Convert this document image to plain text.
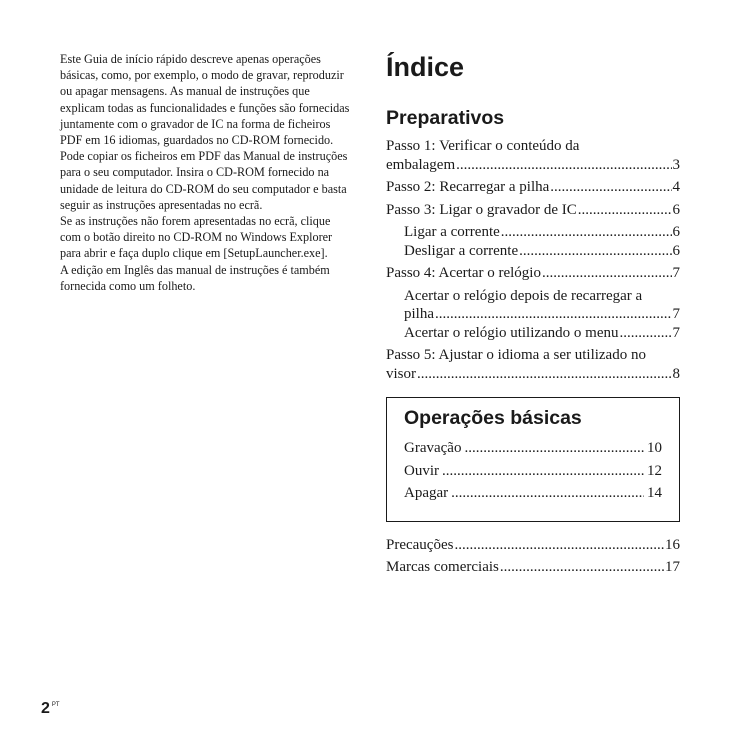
Este Guia de início rápido descreve apenas operações básicas, como, por exemplo, o modo de gravar, reproduzir ou apagar mensagens. As manual de instruções que explicam todas as funcionalidades e funções são fornecidas juntamente com o gravador de IC na forma de ficheiros PDF em 16 idiomas, guardados no CD-ROM fornecido.

Pode copiar os ficheiros em PDF das Manual de instruções para o seu computador. Insira o CD-ROM fornecido na unidade de leitura do CD-ROM do seu computador e basta seguir as instruções apresentadas no ecrã.

Se as instruções não forem apresentadas no ecrã, clique com o botão direito no CD-ROM no Windows Explorer para abrir e faça duplo clique em [SetupLauncher.exe].

A edição em Inglês das manual de instruções é também fornecida como um folheto.

Índice
Preparativos
Passo 1: Verificar o conteúdo da
embalagem .....	3
Passo 2: Recarregar a pilha .....	4
Passo 3: Ligar o gravador de IC .....	6
Ligar a corrente .....	6
Desligar a corrente .....	6
Passo 4: Acertar o relógio .....	7
Acertar o relógio depois de recarregar a
pilha .....	7
Acertar o relógio utilizando o menu .....	7
Passo 5: Ajustar o idioma a ser utilizado no
visor .....	8
Operações básicas
Gravação .....	10
Ouvir .....	12
Apagar .....	14
Precauções .....	16
Marcas comerciais .....	17
2 $^{PT}$
